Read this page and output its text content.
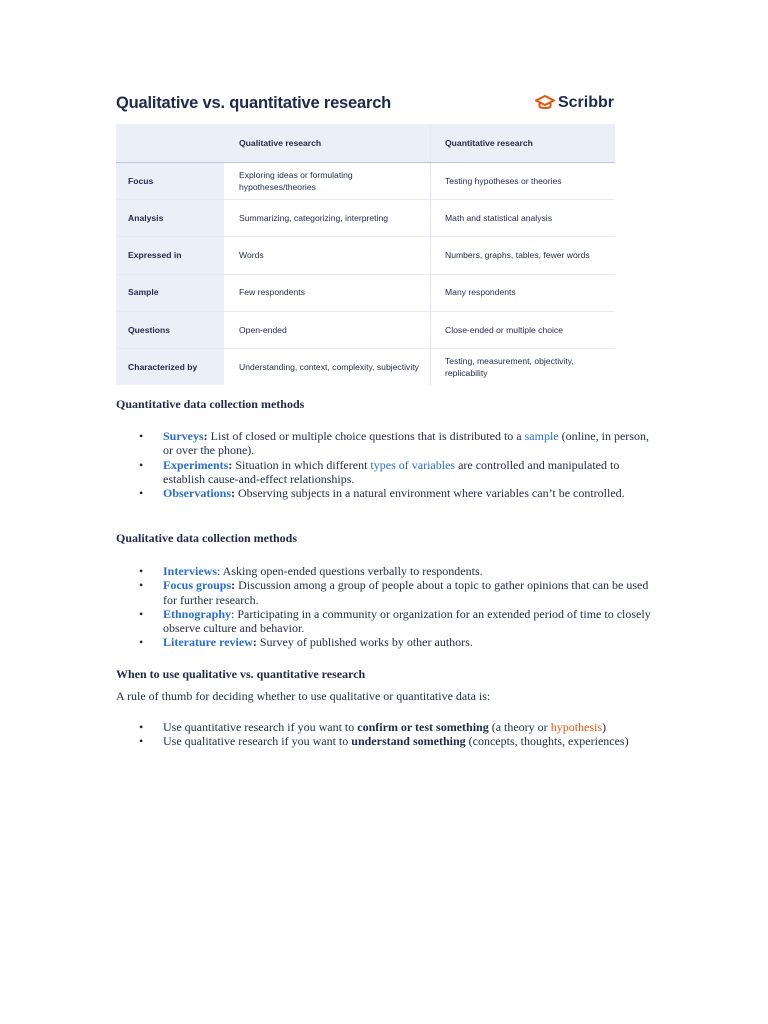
Qualitative vs. quantitative research	Scribbr
	Qualitative research	Quantitative research
Focus	Exploring ideas or formulating hypotheses/theories	Testing hypotheses or theories
Analysis	Summarizing, categorizing, interpreting	Math and statistical analysis
Expressed in	Words	Numbers, graphs, tables, fewer words
Sample	Few respondents	Many respondents
Questions	Open-ended	Close-ended or multiple choice
Characterized by	Understanding, context, complexity, subjectivity	Testing, measurement, objectivity, replicability
Quantitative data collection methods
• Surveys: List of closed or multiple choice questions that is distributed to a sample (online, in person, or over the phone).
• Experiments: Situation in which different types of variables are controlled and manipulated to establish cause-and-effect relationships.
• Observations: Observing subjects in a natural environment where variables can’t be controlled.
Qualitative data collection methods
• Interviews: Asking open-ended questions verbally to respondents.
• Focus groups: Discussion among a group of people about a topic to gather opinions that can be used for further research.
• Ethnography: Participating in a community or organization for an extended period of time to closely observe culture and behavior.
• Literature review: Survey of published works by other authors.
When to use qualitative vs. quantitative research
A rule of thumb for deciding whether to use qualitative or quantitative data is:
• Use quantitative research if you want to confirm or test something (a theory or hypothesis)
• Use qualitative research if you want to understand something (concepts, thoughts, experiences)
